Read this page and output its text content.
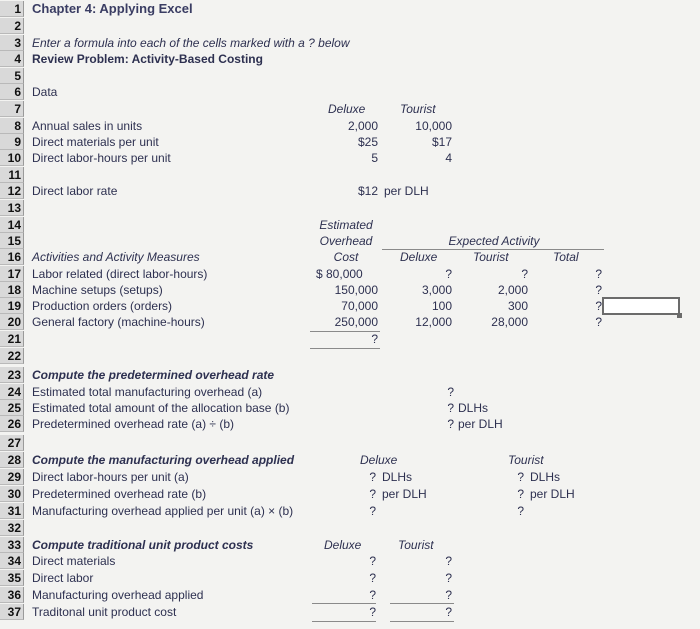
1
2
3
4
5
6
7
8
9
10
11
12
13
14
15
16
17
18
19
20
21
22
23
24
25
26
27
28
29
30
31
32
33
34
35
36
37
Chapter 4: Applying Excel
Enter a formula into each of the cells marked with a ? below
Review Problem: Activity-Based Costing
Data
Deluxe	Tourist
Annual sales in units	2,000	10,000
Direct materials per unit	$25	$17
Direct labor-hours per unit	5	4
Direct labor rate	$12 per DLH
Estimated
Overhead	Expected Activity
Cost	Deluxe	Tourist	Total
Activities and Activity Measures
Labor related (direct labor-hours)	$ 80,000	?	?	?
Machine setups (setups)	150,000	3,000	2,000	?
Production orders (orders)	70,000	100	300	?
General factory (machine-hours)	250,000	12,000	28,000	?
?
Compute the predetermined overhead rate
Estimated total manufacturing overhead (a)	?
Estimated total amount of the allocation base (b)	? DLHs
Predetermined overhead rate (a) ÷ (b)	? per DLH
Compute the manufacturing overhead applied	Deluxe	Tourist
Direct labor-hours per unit (a)	? DLHs	? DLHs
Predetermined overhead rate (b)	? per DLH	? per DLH
Manufacturing overhead applied per unit (a) × (b)	?	?
Compute traditional unit product costs	Deluxe	Tourist
Direct materials	?	?
Direct labor	?	?
Manufacturing overhead applied	?	?
Traditonal unit product cost	?	?
